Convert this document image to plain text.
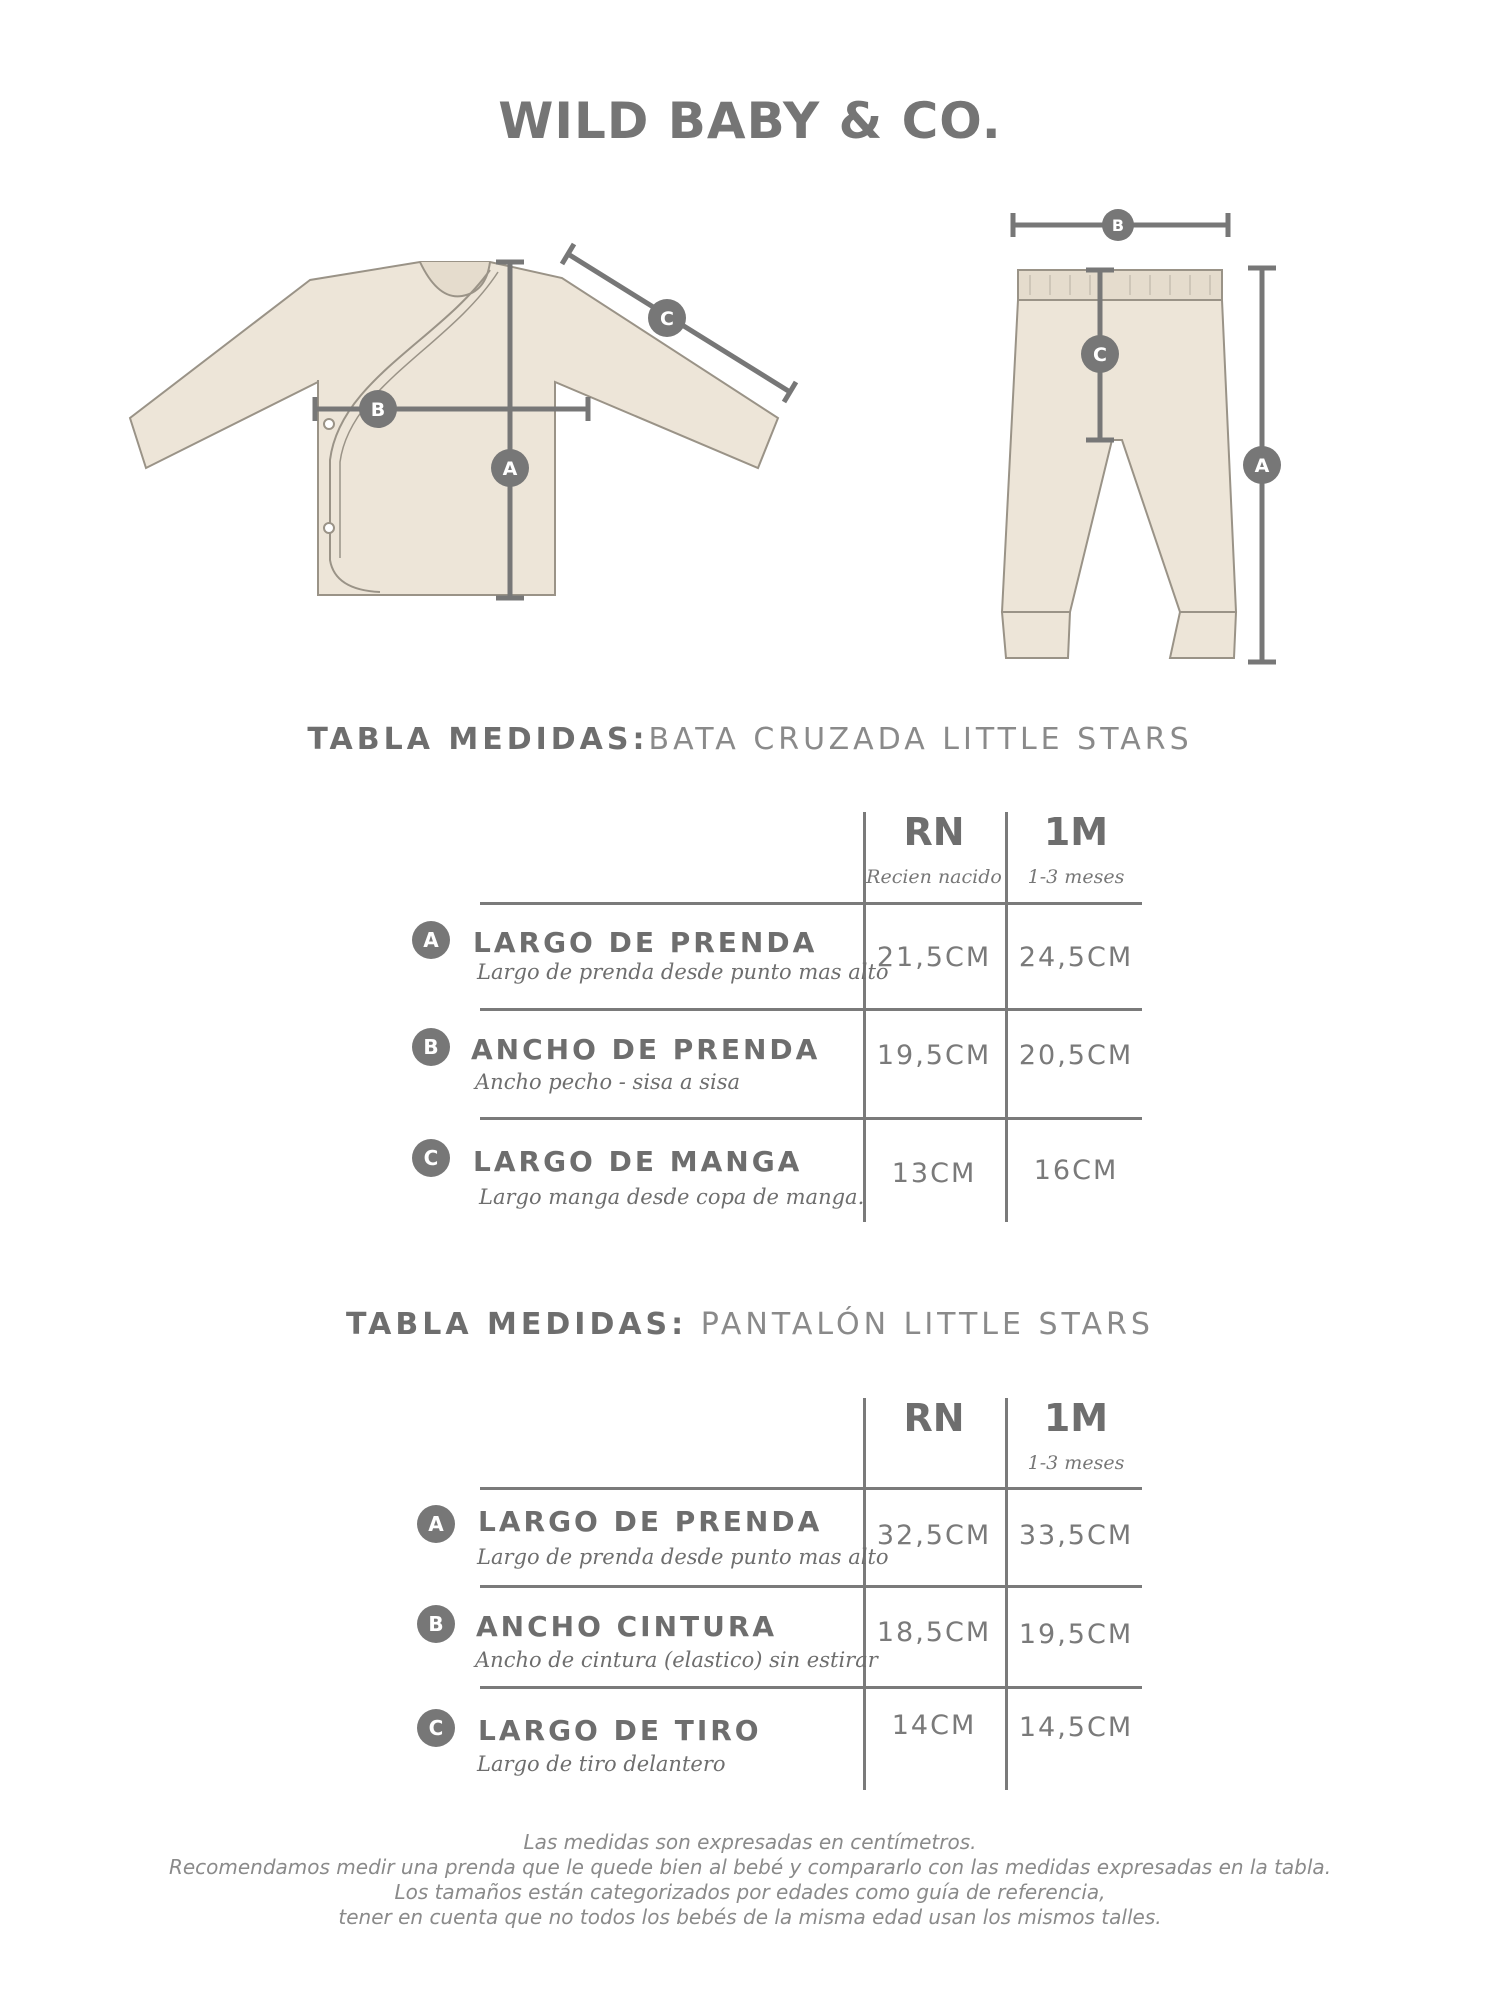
WILD BABY & CO.
A
B
C
B
C
A
TABLA MEDIDAS:BATA CRUZADA LITTLE STARS
RN
Recien nacido
1M
1-3 meses
A	LARGO DE PRENDA
Largo de prenda desde punto mas alto
21,5CM	24,5CM
B	ANCHO DE PRENDA
Ancho pecho - sisa a sisa
19,5CM	20,5CM
C	LARGO DE MANGA
Largo manga desde copa de manga.
13CM	16CM
TABLA MEDIDAS: PANTALÓN LITTLE STARS
RN	1M
1-3 meses
A	LARGO DE PRENDA
Largo de prenda desde punto mas alto
32,5CM	33,5CM
B	ANCHO CINTURA
Ancho de cintura (elastico) sin estirar
18,5CM	19,5CM
C	LARGO DE TIRO
Largo de tiro delantero
14CM	14,5CM
Las medidas son expresadas en centímetros.
Recomendamos medir una prenda que le quede bien al bebé y compararlo con las medidas expresadas en la tabla.
Los tamaños están categorizados por edades como guía de referencia,
tener en cuenta que no todos los bebés de la misma edad usan los mismos talles.
